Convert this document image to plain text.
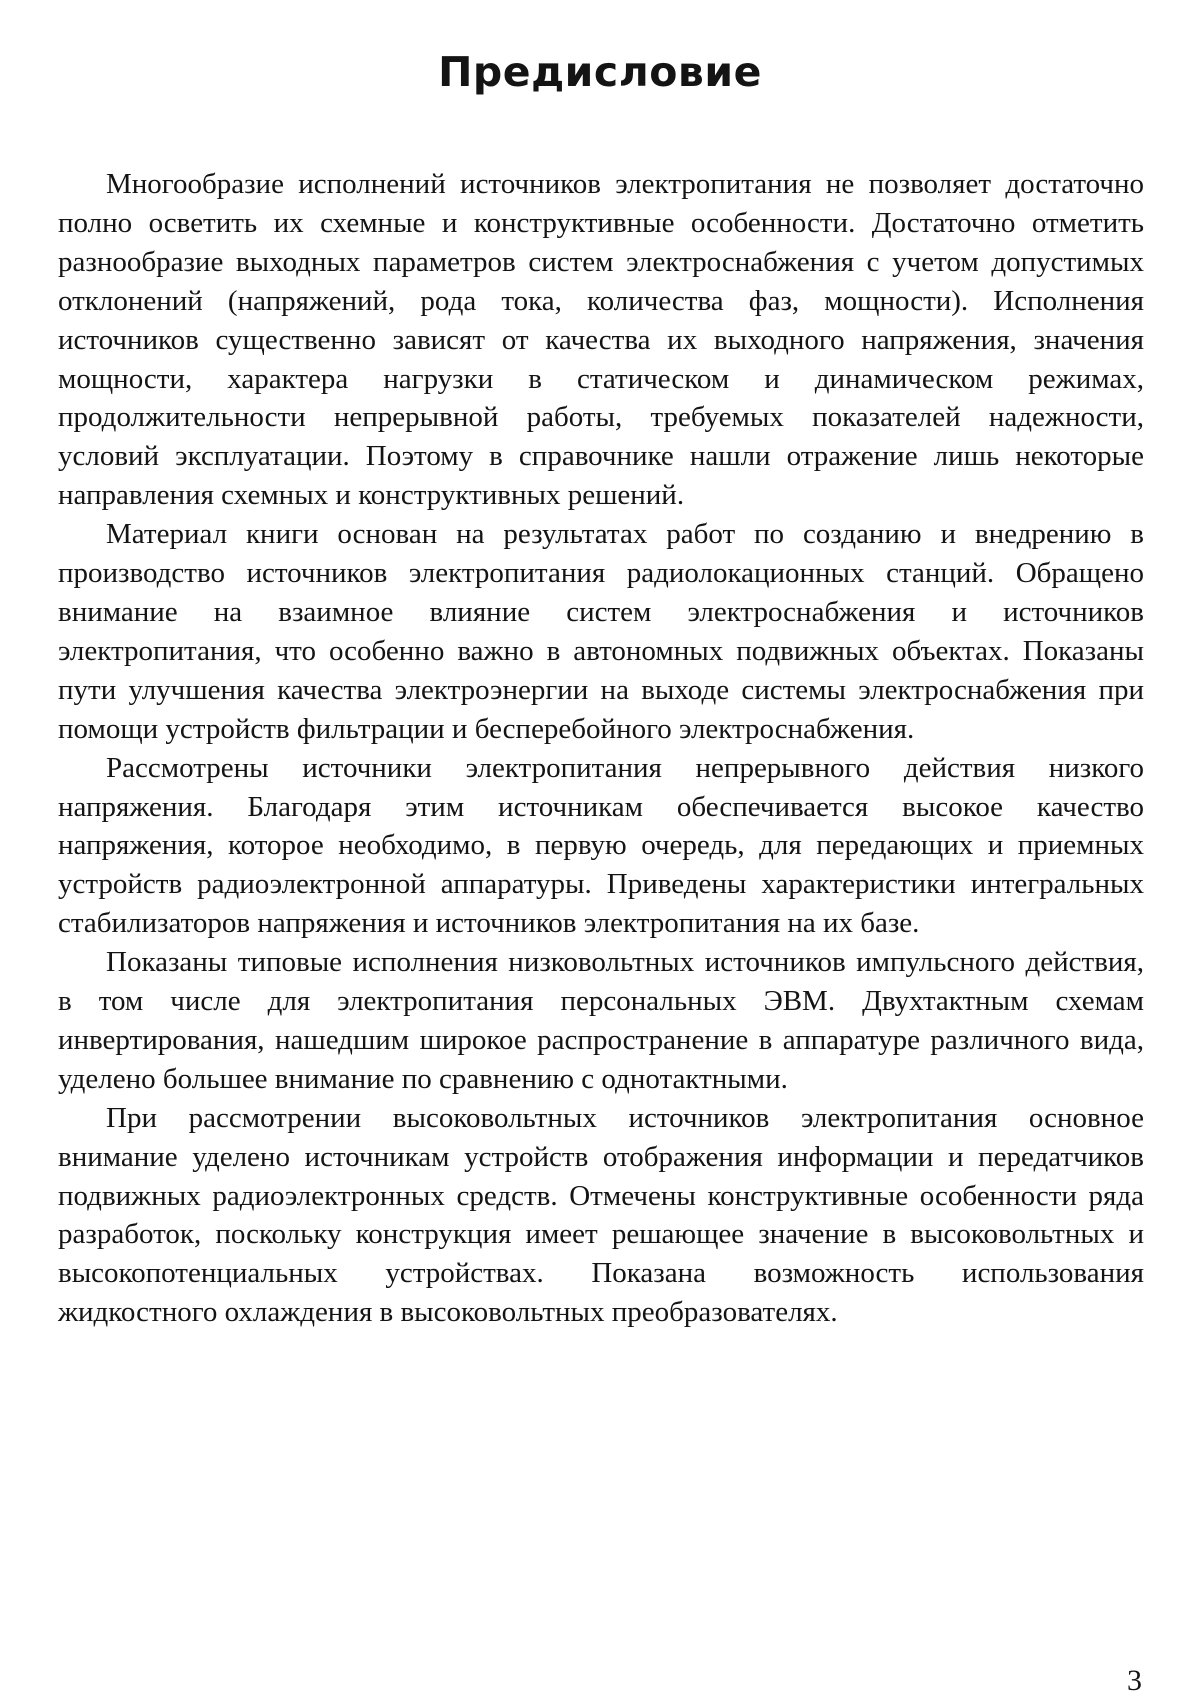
Предисловие

Многообразие исполнений источников электропитания не позволяет достаточно полно осветить их схемные и конструктивные особенности. Достаточно отметить разнообразие выходных параметров систем электроснабжения с учетом допустимых отклонений (напряжений, рода тока, количества фаз, мощности). Исполнения источников существенно зависят от качества их выходного напряжения, значения мощности, характера нагрузки в статическом и динамическом режимах, продолжительности непрерывной работы, требуемых показателей надежности, условий эксплуатации. Поэтому в справочнике нашли отражение лишь некоторые направления схемных и конструктивных решений.

Материал книги основан на результатах работ по созданию и внедрению в производство источников электропитания радиолокационных станций. Обращено внимание на взаимное влияние систем электроснабжения и источников электропитания, что особенно важно в автономных подвижных объектах. Показаны пути улучшения качества электроэнергии на выходе системы электроснабжения при помощи устройств фильтрации и бесперебойного электроснабжения.

Рассмотрены источники электропитания непрерывного действия низкого напряжения. Благодаря этим источникам обеспечивается высокое качество напряжения, которое необходимо, в первую очередь, для передающих и приемных устройств радиоэлектронной аппаратуры. Приведены характеристики интегральных стабилизаторов напряжения и источников электропитания на их базе.

Показаны типовые исполнения низковольтных источников импульсного действия, в том числе для электропитания персональных ЭВМ. Двухтактным схемам инвертирования, нашедшим широкое распространение в аппаратуре различного вида, уделено большее внимание по сравнению с однотактными.

При рассмотрении высоковольтных источников электропитания основное внимание уделено источникам устройств отображения информации и передатчиков подвижных радиоэлектронных средств. Отмечены конструктивные особенности ряда разработок, поскольку конструкция имеет решающее значение в высоковольтных и высокопотенциальных устройствах. Показана возможность использования жидкостного охлаждения в высоковольтных преобразователях.

3
